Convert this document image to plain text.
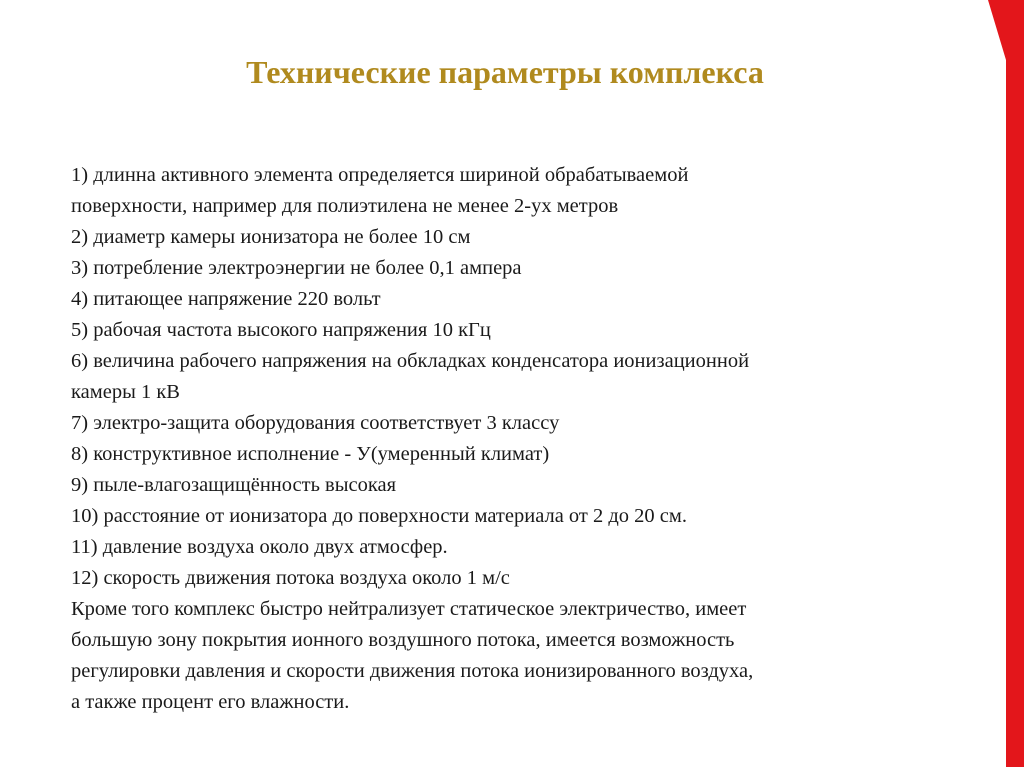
Технические параметры комплекса
1) длинна активного элемента определяется шириной обрабатываемой
поверхности, например для полиэтилена не менее 2-ух метров
2) диаметр камеры ионизатора не более 10 см
3) потребление электроэнергии не более 0,1 ампера
4) питающее напряжение 220 вольт
5) рабочая частота высокого напряжения 10 кГц
6) величина рабочего напряжения на обкладках конденсатора ионизационной
камеры 1 кВ
7) электро-защита оборудования соответствует 3 классу
8) конструктивное исполнение - У(умеренный климат)
9) пыле-влагозащищённость высокая
10) расстояние от ионизатора до поверхности материала от 2 до 20 см.
11) давление воздуха около двух атмосфер.
12) скорость движения потока воздуха около 1 м/с
Кроме того комплекс быстро нейтрализует статическое электричество, имеет
большую зону покрытия ионного воздушного потока, имеется возможность
регулировки давления и скорости движения потока ионизированного воздуха,
а также процент его влажности.
